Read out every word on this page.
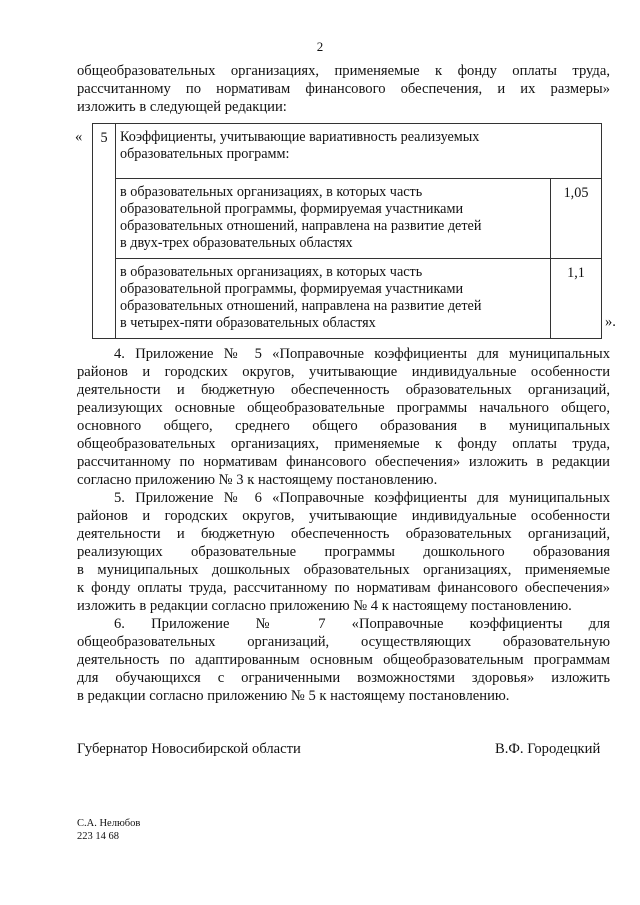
2
общеобразовательных организациях, применяемые к фонду оплаты труда,
рассчитанному по нормативам финансового обеспечения, и их размеры»
изложить в следующей редакции:
« 5	Коэффициенты, учитывающие вариативность реализуемых
образовательных программ:	

	в образовательных организациях, в которых часть
образовательной программы, формируемая участниками
образовательных отношений, направлена на развитие детей
в двух-трех образовательных областях	1,05

	в образовательных организациях, в которых часть
образовательной программы, формируемая участниками
образовательных отношений, направлена на развитие детей
в четырех-пяти образовательных областях	1,1
».
4. Приложение № 5 «Поправочные коэффициенты для муниципальных
районов и городских округов, учитывающие индивидуальные особенности
деятельности и бюджетную обеспеченность образовательных организаций,
реализующих основные общеобразовательные программы начального общего,
основного общего, среднего общего образования в муниципальных
общеобразовательных организациях, применяемые к фонду оплаты труда,
рассчитанному по нормативам финансового обеспечения» изложить в редакции
согласно приложению № 3 к настоящему постановлению.
5. Приложение № 6 «Поправочные коэффициенты для муниципальных
районов и городских округов, учитывающие индивидуальные особенности
деятельности и бюджетную обеспеченность образовательных организаций,
реализующих образовательные программы дошкольного образования
в муниципальных дошкольных образовательных организациях, применяемые
к фонду оплаты труда, рассчитанному по нормативам финансового обеспечения»
изложить в редакции согласно приложению № 4 к настоящему постановлению.
6. Приложение № 7 «Поправочные коэффициенты для
общеобразовательных организаций, осуществляющих образовательную
деятельность по адаптированным основным общеобразовательным программам
для обучающихся с ограниченными возможностями здоровья» изложить
в редакции согласно приложению № 5 к настоящему постановлению.
Губернатор Новосибирской области	В.Ф. Городецкий
С.А. Нелюбов
223 14 68
